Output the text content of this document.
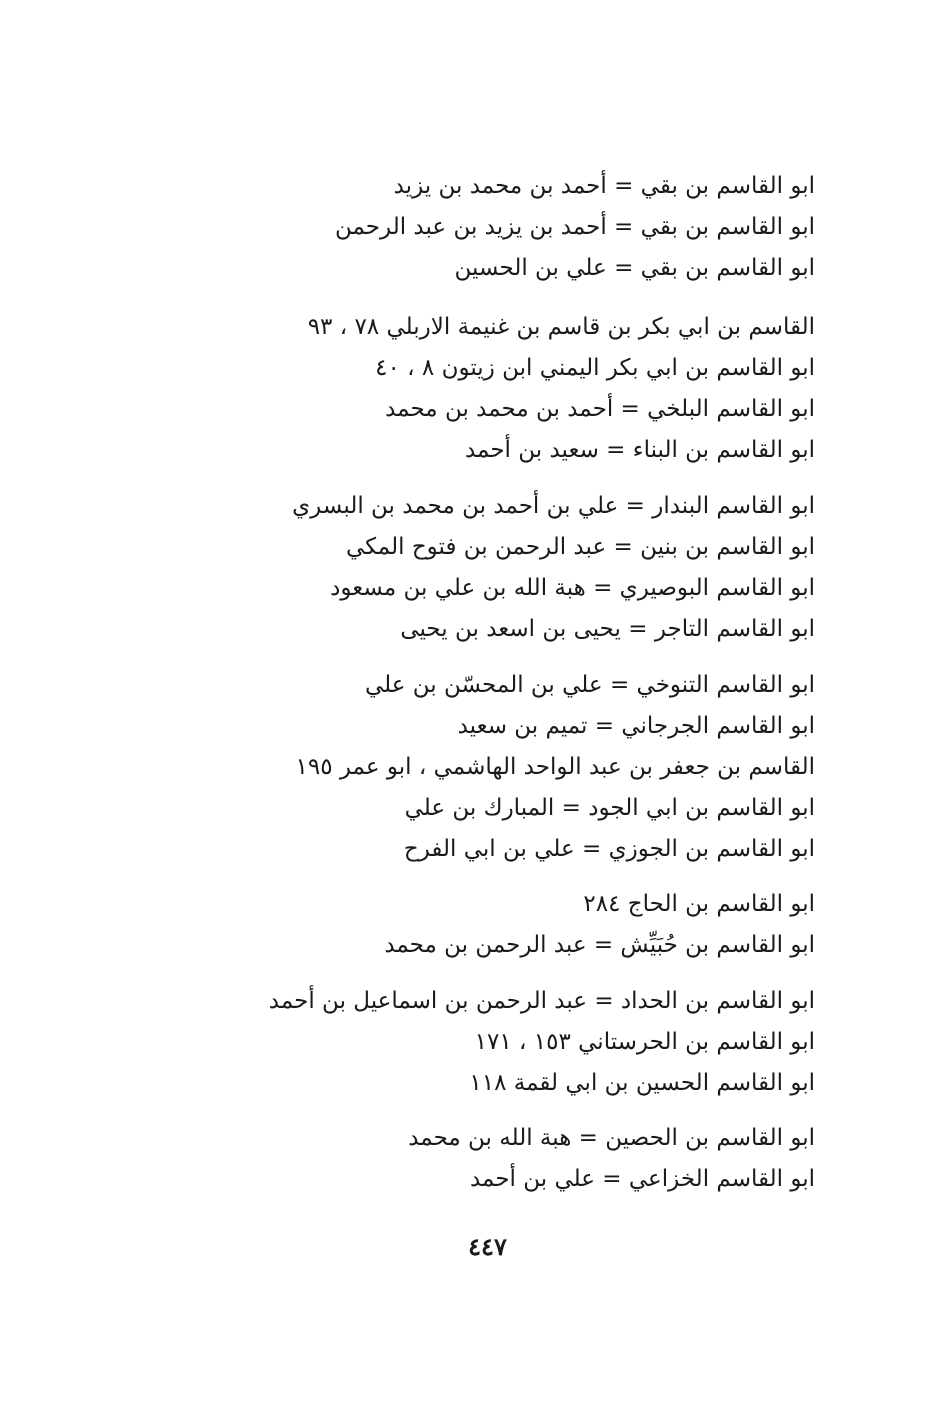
ابو القاسم بن بقي = أحمد بن محمد بن يزيد
ابو القاسم بن بقي = أحمد بن يزيد بن عبد الرحمن
ابو القاسم بن بقي = علي بن الحسين
القاسم بن ابي بكر بن قاسم بن غنيمة الاربلي ٧٨ ، ٩٣
ابو القاسم بن ابي بكر اليمني ابن زيتون ٨ ، ٤٠
ابو القاسم البلخي = أحمد بن محمد بن محمد
ابو القاسم بن البناء = سعيد بن أحمد
ابو القاسم البندار = علي بن أحمد بن محمد بن البسري
ابو القاسم بن بنين = عبد الرحمن بن فتوح المكي
ابو القاسم البوصيري = هبة الله بن علي بن مسعود
ابو القاسم التاجر = يحيى بن اسعد بن يحيى
ابو القاسم التنوخي = علي بن المحسّن بن علي
ابو القاسم الجرجاني = تميم بن سعيد
القاسم بن جعفر بن عبد الواحد الهاشمي ، ابو عمر ١٩٥
ابو القاسم بن ابي الجود = المبارك بن علي
ابو القاسم بن الجوزي = علي بن ابي الفرح
ابو القاسم بن الحاج ٢٨٤
ابو القاسم بن حُبَيِّش = عبد الرحمن بن محمد
ابو القاسم بن الحداد = عبد الرحمن بن اسماعيل بن أحمد
ابو القاسم بن الحرستاني ١٥٣ ، ١٧١
ابو القاسم الحسين بن ابي لقمة ١١٨
ابو القاسم بن الحصين = هبة الله بن محمد
ابو القاسم الخزاعي = علي بن أحمد
٤٤٧
